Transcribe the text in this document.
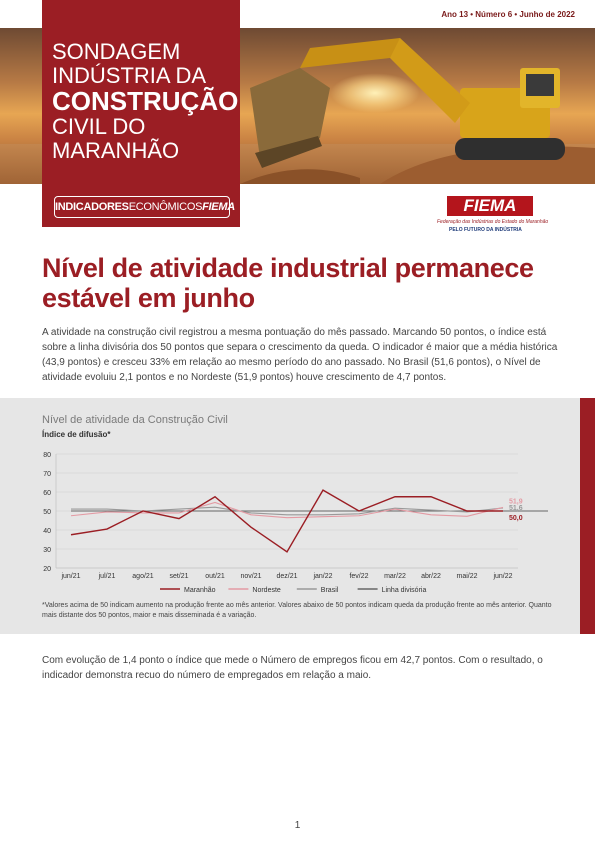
Ano 13 • Número 6 • Junho de 2022
SONDAGEM
INDÚSTRIA DA
CONSTRUÇÃO
CIVIL DO
MARANHÃO
INDICADORESECONÔMICOSFIEMA	FIEMA
Federação das Indústrias do Estado do Maranhão
PELO FUTURO DA INDÚSTRIA
Nível de atividade industrial permanece estável em junho
A atividade na construção civil registrou a mesma pontuação do mês passado. Marcando 50 pontos, o índice está sobre a linha divisória dos 50 pontos que separa o crescimento da queda. O indicador é maior que a média histórica (43,9 pontos) e cresceu 33% em relação ao mesmo período do ano passado. No Brasil (51,6 pontos), o Nível de atividade evoluiu 2,1 pontos e no Nordeste (51,9 pontos) houve crescimento de 4,7 pontos.
Nível de atividade da Construção Civil
Índice de difusão*
20
30
40
50
60
70
80
jun/21	jul/21 ago/21 set/21 out/21 nov/21 dez/21 jan/22 fev/22 mar/22 abr/22 mai/22 jun/22
51,9
51,6
50,0
Maranhão	Nordeste	Brasil	Linha divisória
*Valores acima de 50 indicam aumento na produção frente ao mês anterior. Valores abaixo de 50 pontos indicam queda da produção frente ao mês anterior. Quanto mais distante dos 50 pontos, maior e mais disseminada é a variação.
Com evolução de 1,4 ponto o índice que mede o Número de empregos ficou em 42,7 pontos. Com o resultado, o indicador demonstra recuo do número de empregados em relação a maio.
1
